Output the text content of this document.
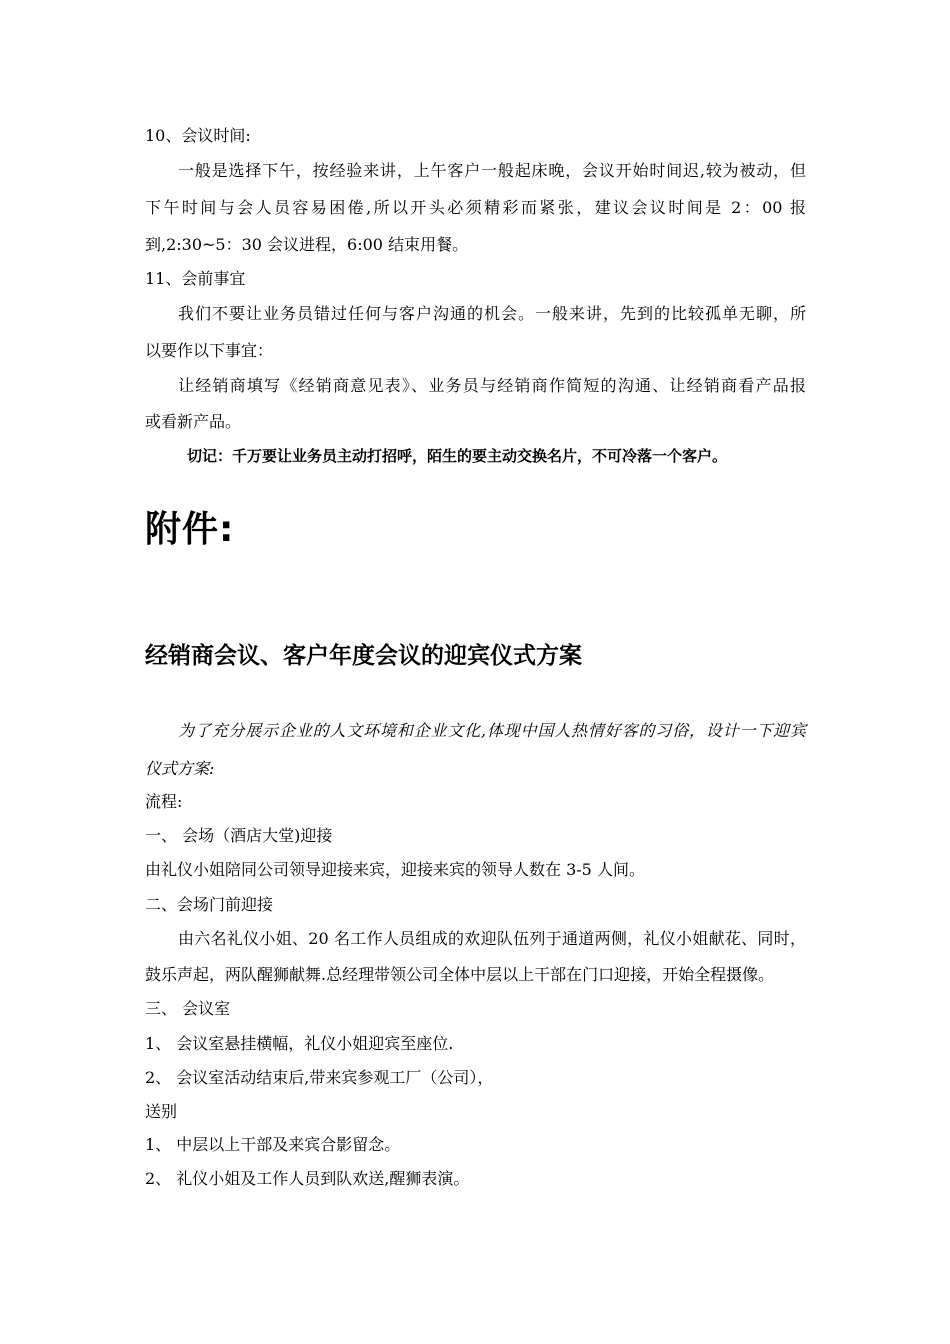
10、会议时间:
一般是选择下午，按经验来讲，上午客户一般起床晚，会议开始时间迟,较为被动，但
下午时间与会人员容易困倦,所以开头必须精彩而紧张，建议会议时间是 2：00 报
到,2:30~5：30 会议进程，6:00 结束用餐。
11、会前事宜
我们不要让业务员错过任何与客户沟通的机会。一般来讲，先到的比较孤单无聊，所
以要作以下事宜：
让经销商填写《经销商意见表》、业务员与经销商作简短的沟通、让经销商看产品报
或看新产品。
切记：千万要让业务员主动打招呼，陌生的要主动交换名片，不可冷落一个客户。
附件:
经销商会议、客户年度会议的迎宾仪式方案
为了充分展示企业的人文环境和企业文化,体现中国人热情好客的习俗，设计一下迎宾
仪式方案:
流程:
一、 会场（酒店大堂)迎接
由礼仪小姐陪同公司领导迎接来宾，迎接来宾的领导人数在 3-5 人间。
二、会场门前迎接
由六名礼仪小姐、20 名工作人员组成的欢迎队伍列于通道两侧，礼仪小姐献花、同时，
鼓乐声起，两队醒狮献舞.总经理带领公司全体中层以上干部在门口迎接，开始全程摄像。
三、 会议室
1、 会议室悬挂横幅，礼仪小姐迎宾至座位.
2、 会议室活动结束后,带来宾参观工厂（公司），
送别
1、 中层以上干部及来宾合影留念。
2、 礼仪小姐及工作人员到队欢送,醒狮表演。
